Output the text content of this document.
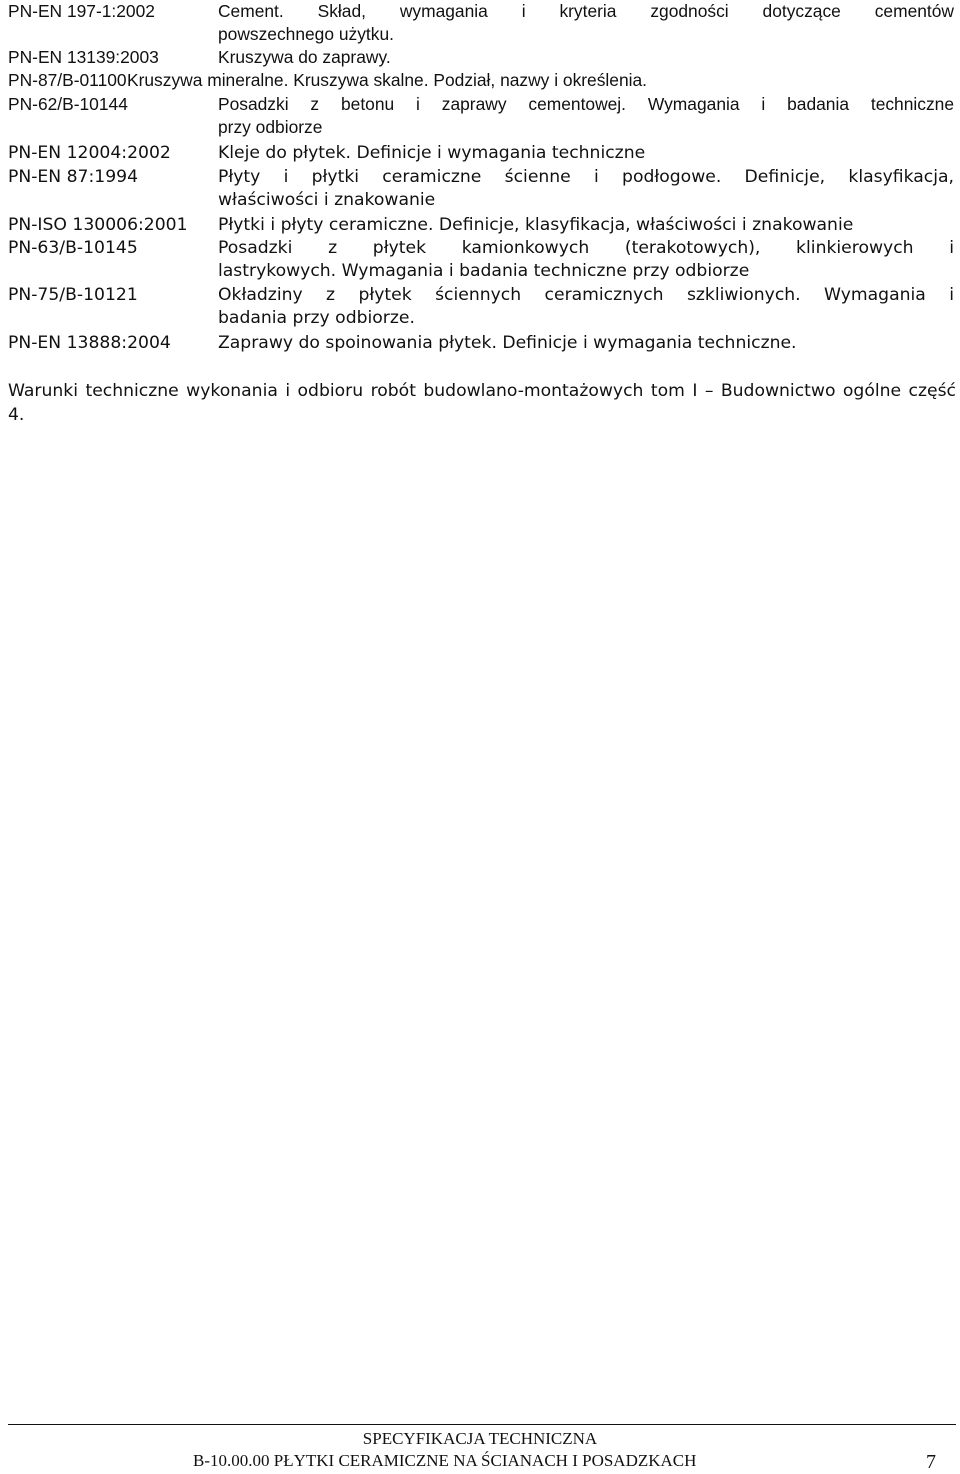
PN-EN 197-1:2002	Cement. Skład, wymagania i kryteria zgodności dotyczące cementów
powszechnego użytku.
PN-EN 13139:2003	Kruszywa do zaprawy.
PN-87/B-01100 Kruszywa mineralne. Kruszywa skalne. Podział, nazwy i określenia.
PN-62/B-10144	Posadzki z betonu i zaprawy cementowej. Wymagania i badania techniczne
przy odbiorze
PN-EN 12004:2002	Kleje do płytek. Definicje i wymagania techniczne
PN-EN 87:1994	Płyty i płytki ceramiczne ścienne i podłogowe. Definicje, klasyfikacja,
właściwości i znakowanie
PN-ISO 130006:2001 Płytki i płyty ceramiczne. Definicje, klasyfikacja, właściwości i znakowanie
PN-63/B-10145	Posadzki z płytek kamionkowych (terakotowych), klinkierowych i
lastrykowych. Wymagania i badania techniczne przy odbiorze
PN-75/B-10121	Okładziny z płytek ściennych ceramicznych szkliwionych. Wymagania i
badania przy odbiorze.
PN-EN 13888:2004	Zaprawy do spoinowania płytek. Definicje i wymagania techniczne.
Warunki techniczne wykonania i odbioru robót budowlano-montażowych tom I – Budownictwo ogólne część
4.
SPECYFIKACJA TECHNICZNA
B-10.00.00 PŁYTKI CERAMICZNE NA ŚCIANACH I POSADZKACH	7
